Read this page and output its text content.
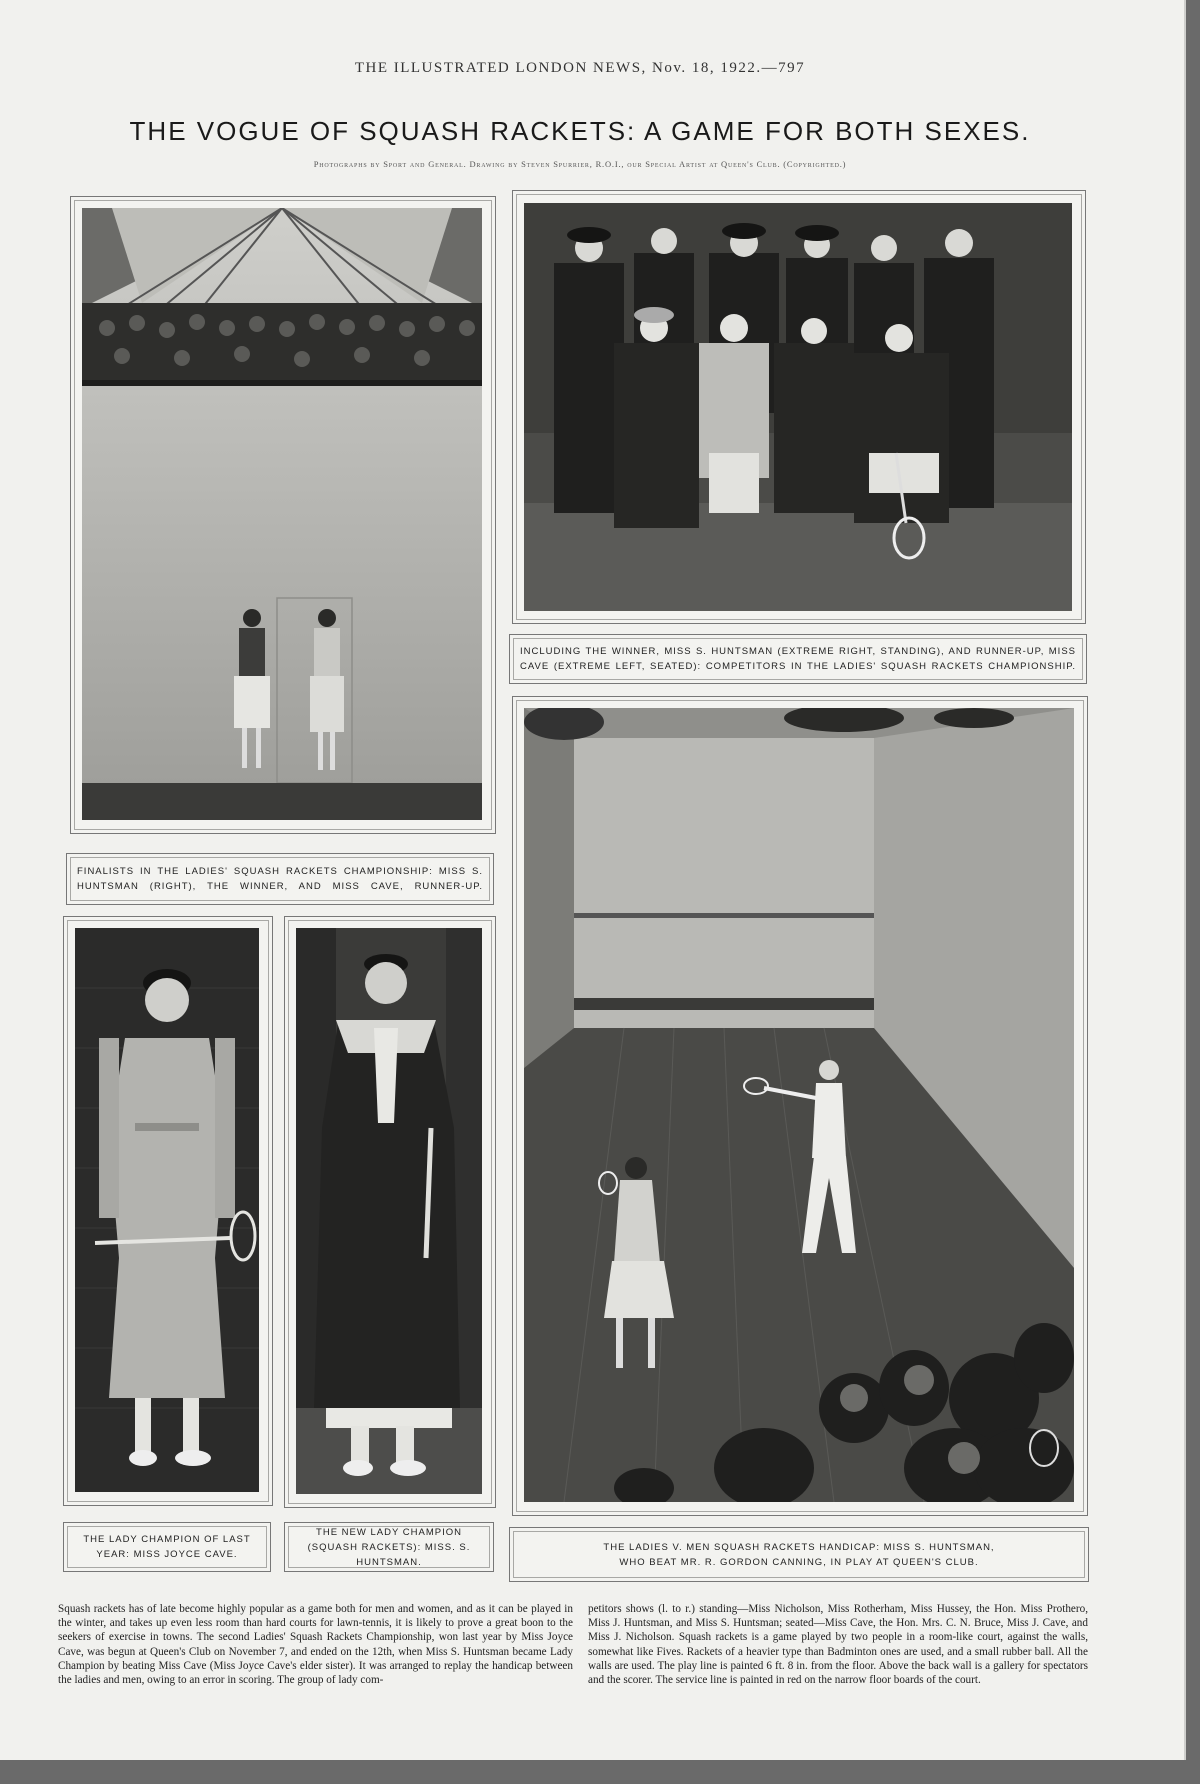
THE ILLUSTRATED LONDON NEWS, Nov. 18, 1922.—797
THE VOGUE OF SQUASH RACKETS: A GAME FOR BOTH SEXES.
Photographs by Sport and General. Drawing by Steven Spurrier, R.O.I., our Special Artist at Queen's Club. (Copyrighted.)
FINALISTS IN THE LADIES' SQUASH RACKETS CHAMPIONSHIP: MISS S. HUNTSMAN (RIGHT), THE WINNER, AND MISS CAVE, RUNNER-UP.
INCLUDING THE WINNER, MISS S. HUNTSMAN (EXTREME RIGHT, STANDING), AND RUNNER-UP, MISS CAVE (EXTREME LEFT, SEATED): COMPETITORS IN THE LADIES' SQUASH RACKETS CHAMPIONSHIP.
THE LADY CHAMPION OF LAST YEAR: MISS JOYCE CAVE.
THE NEW LADY CHAMPION (SQUASH RACKETS): MISS. S. HUNTSMAN.
THE LADIES V. MEN SQUASH RACKETS HANDICAP: MISS S. HUNTSMAN, WHO BEAT MR. R. GORDON CANNING, IN PLAY AT QUEEN'S CLUB.
Squash rackets has of late become highly popular as a game both for men and women, and as it can be played in the winter, and takes up even less room than hard courts for lawn-tennis, it is likely to prove a great boon to the seekers of exercise in towns. The second Ladies' Squash Rackets Championship, won last year by Miss Joyce Cave, was begun at Queen's Club on November 7, and ended on the 12th, when Miss S. Huntsman became Lady Champion by beating Miss Cave (Miss Joyce Cave's elder sister). It was arranged to replay the handicap between the ladies and men, owing to an error in scoring. The group of lady com-
petitors shows (l. to r.) standing—Miss Nicholson, Miss Rotherham, Miss Hussey, the Hon. Miss Prothero, Miss J. Huntsman, and Miss S. Huntsman; seated—Miss Cave, the Hon. Mrs. C. N. Bruce, Miss J. Cave, and Miss J. Nicholson. Squash rackets is a game played by two people in a room-like court, against the walls, somewhat like Fives. Rackets of a heavier type than Badminton ones are used, and a small rubber ball. All the walls are used. The play line is painted 6 ft. 8 in. from the floor. Above the back wall is a gallery for spectators and the scorer. The service line is painted in red on the narrow floor boards of the court.
